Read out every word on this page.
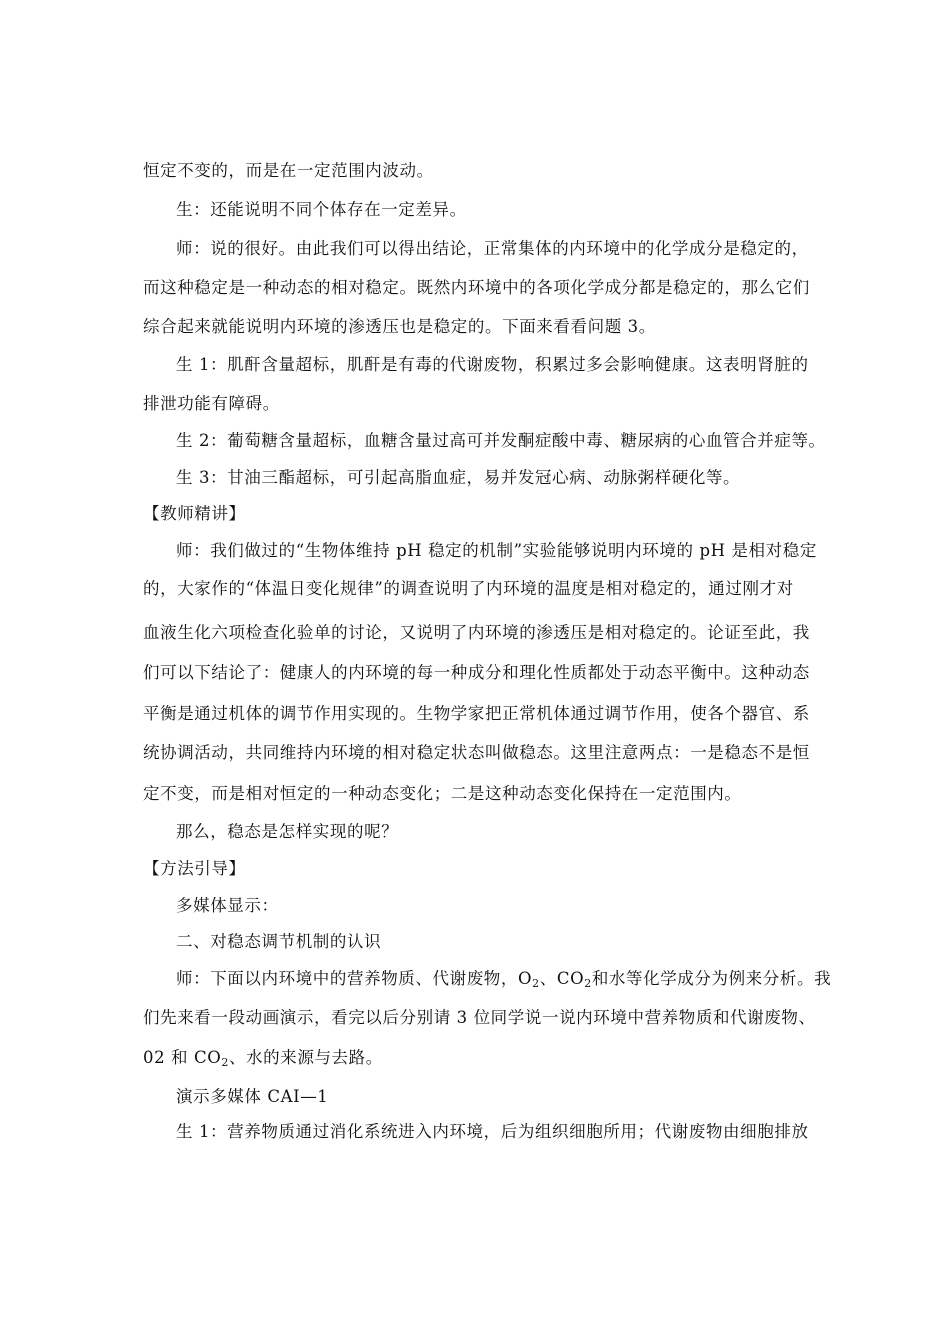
恒定不变的，而是在一定范围内波动。
生：还能说明不同个体存在一定差异。
师：说的很好。由此我们可以得出结论，正常集体的内环境中的化学成分是稳定的，
而这种稳定是一种动态的相对稳定。既然内环境中的各项化学成分都是稳定的，那么它们
综合起来就能说明内环境的渗透压也是稳定的。下面来看看问题 3。
生 1：肌酐含量超标，肌酐是有毒的代谢废物，积累过多会影响健康。这表明肾脏的
排泄功能有障碍。
生 2：葡萄糖含量超标，血糖含量过高可并发酮症酸中毒、糖尿病的心血管合并症等。
生 3：甘油三酯超标，可引起高脂血症，易并发冠心病、动脉粥样硬化等。
【教师精讲】
师：我们做过的“生物体维持 pH 稳定的机制”实验能够说明内环境的 pH 是相对稳定
的，大家作的“体温日变化规律”的调查说明了内环境的温度是相对稳定的，通过刚才对
血液生化六项检查化验单的讨论，又说明了内环境的渗透压是相对稳定的。论证至此，我
们可以下结论了：健康人的内环境的每一种成分和理化性质都处于动态平衡中。这种动态
平衡是通过机体的调节作用实现的。生物学家把正常机体通过调节作用，使各个器官、系
统协调活动，共同维持内环境的相对稳定状态叫做稳态。这里注意两点：一是稳态不是恒
定不变，而是相对恒定的一种动态变化；二是这种动态变化保持在一定范围内。
那么，稳态是怎样实现的呢？
【方法引导】
多媒体显示：
二、对稳态调节机制的认识
师：下面以内环境中的营养物质、代谢废物，$O_2$、$CO_2$和水等化学成分为例来分析。我
们先来看一段动画演示，看完以后分别请 3 位同学说一说内环境中营养物质和代谢废物、
02 和 $CO_2$、水的来源与去路。
演示多媒体 CAI—1
生 1：营养物质通过消化系统进入内环境，后为组织细胞所用；代谢废物由细胞排放
